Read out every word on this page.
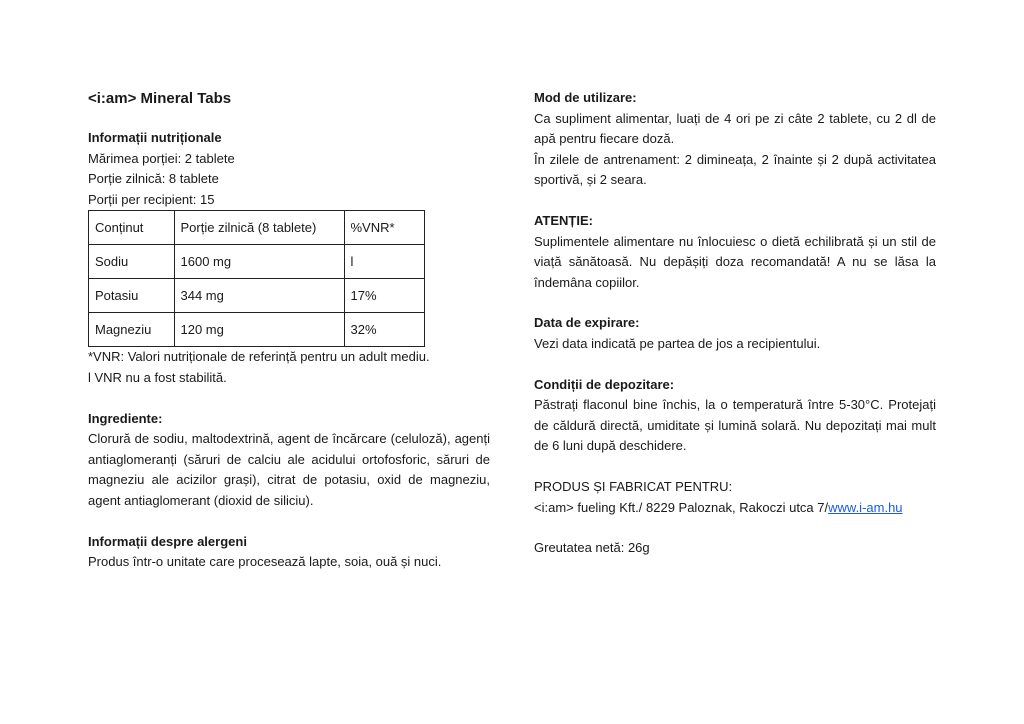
<i:am> Mineral Tabs
Informații nutriționale
Mărimea porției: 2 tablete
Porție zilnică: 8 tablete
Porții per recipient: 15
Conținut	Porție zilnică (8 tablete)	%VNR*
Sodiu	1600 mg	l
Potasiu	344 mg	17%
Magneziu	120 mg	32%
*VNR: Valori nutriționale de referință pentru un adult mediu.
l VNR nu a fost stabilită.
Ingrediente:
Clorură de sodiu, maltodextrină, agent de încărcare (celuloză), agenți antiaglomeranți (săruri de calciu ale acidului ortofosforic, săruri de magneziu ale acizilor grași), citrat de potasiu, oxid de magneziu, agent antiaglomerant (dioxid de siliciu).
Informații despre alergeni
Produs într-o unitate care procesează lapte, soia, ouă și nuci.
Mod de utilizare:
Ca supliment alimentar, luați de 4 ori pe zi câte 2 tablete, cu 2 dl de apă pentru fiecare doză.
În zilele de antrenament: 2 dimineața, 2 înainte și 2 după activitatea sportivă, și 2 seara.
ATENȚIE:
Suplimentele alimentare nu înlocuiesc o dietă echilibrată și un stil de viață sănătoasă. Nu depășiți doza recomandată! A nu se lăsa la îndemâna copiilor.
Data de expirare:
Vezi data indicată pe partea de jos a recipientului.
Condiții de depozitare:
Păstrați flaconul bine închis, la o temperatură între 5-30°C. Protejați de căldură directă, umiditate și lumină solară. Nu depozitați mai mult de 6 luni după deschidere.
PRODUS ȘI FABRICAT PENTRU:
<i:am> fueling Kft./ 8229 Paloznak, Rakoczi utca 7/www.i-am.hu
Greutatea netă: 26g
